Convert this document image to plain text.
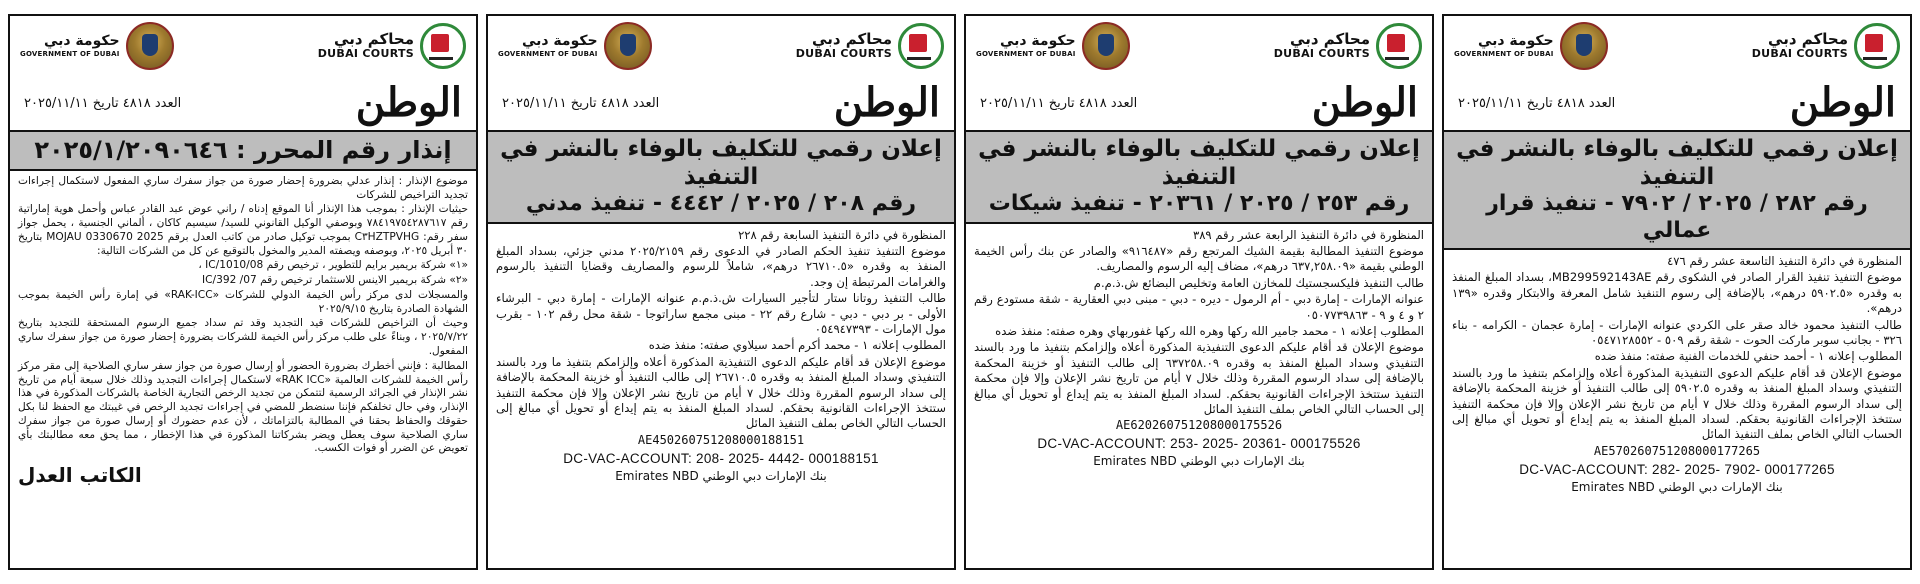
حكومة دبي
GOVERNMENT OF DUBAI
محاكم دبي
DUBAI COURTS
الوطن
العدد ٤٨١٨ تاريخ ٢٠٢٥/١١/١١
إعلان رقمي للتكليف بالوفاء بالنشر في التنفيذ
رقم ٢٨٢ / ٢٠٢٥ / ٧٩٠٢ - تنفيذ قرار عمالي

المنظورة في دائرة التنفيذ التاسعة عشر رقم ٤٧٦

موضوع التنفيذ تنفيذ القرار الصادر في الشكوى رقم MB299592143AE، بسداد المبلغ المنفذ به وقدره «٥٩٠٢.٥ درهم»، بالإضافة إلى رسوم التنفيذ شامل المعرفة والابتكار وقدره «١٣٩ درهم».

طالب التنفيذ محمود خالد صقر على الكردي عنوانه الإمارات - إمارة عجمان - الكرامه - بناء ٣٢٦ - بجانب سوبر ماركت الحوت - شقة رقم ٥٠٩ - ٠٥٤٧١٢٨٥٥٢

المطلوب إعلانه ١ - أحمد حنفي للخدمات الفنية صفته: منفذ ضده

موضوع الإعلان قد أقام عليكم الدعوى التنفيذية المذكورة أعلاه وإلزامكم بتنفيذ ما ورد بالسند التنفيذي وسداد المبلغ المنفذ به وقدره ٥٩٠٢.٥ إلى طالب التنفيذ أو خزينة المحكمة بالإضافة إلى سداد الرسوم المقررة وذلك خلال ٧ أيام من تاريخ نشر الإعلان وإلا فإن محكمة التنفيذ ستتخذ الإجراءات القانونية بحقكم. لسداد المبلغ المنفذ به يتم إيداع أو تحويل أي مبالغ إلى الحساب التالي الخاص بملف التنفيذ المائل

AE570260751208000177265

DC-VAC-ACCOUNT: 282- 2025- 7902- 000177265

بنك الإمارات دبي الوطني Emirates NBD

حكومة دبي
GOVERNMENT OF DUBAI
محاكم دبي
DUBAI COURTS
الوطن
العدد ٤٨١٨ تاريخ ٢٠٢٥/١١/١١
إعلان رقمي للتكليف بالوفاء بالنشر في التنفيذ
رقم ٢٥٣ / ٢٠٢٥ / ٢٠٣٦١ - تنفيذ شيكات

المنظورة في دائرة التنفيذ الرابعة عشر رقم ٣٨٩

موضوع التنفيذ المطالبة بقيمة الشيك المرتجع رقم «٩١٦٤٨٧» والصادر عن بنك رأس الخيمة الوطني بقيمة «٦٣٧,٢٥٨.٠٩ درهم»، مضاف إليه الرسوم والمصاريف.

طالب التنفيذ فليكسجستيك للمخازن العامة وتخليص البضائع ش.ذ.م.م

عنوانه الإمارات - إمارة دبي - أم الرمول - ديره - دبي - مبنى دبي العقارية - شقة مستودع رقم ٢ و ٤ و ٩ - ٠٥٠٧٧٣٩٨٦٣

المطلوب إعلانه ١ - محمد جامير الله ركها وهره الله ركها غفوربهاي وهره صفته: منفذ ضده

موضوع الإعلان قد أقام عليكم الدعوى التنفيذية المذكورة أعلاه وإلزامكم بتنفيذ ما ورد بالسند التنفيذي وسداد المبلغ المنفذ به وقدره ٦٣٧٢٥٨.٠٩ إلى طالب التنفيذ أو خزينة المحكمة بالإضافة إلى سداد الرسوم المقررة وذلك خلال ٧ أيام من تاريخ نشر الإعلان وإلا فإن محكمة التنفيذ ستتخذ الإجراءات القانونية بحقكم. لسداد المبلغ المنفذ به يتم إيداع أو تحويل أي مبالغ إلى الحساب التالي الخاص بملف التنفيذ المائل

AE620260751208000175526

DC-VAC-ACCOUNT: 253- 2025- 20361- 000175526

بنك الإمارات دبي الوطني Emirates NBD

حكومة دبي
GOVERNMENT OF DUBAI
محاكم دبي
DUBAI COURTS
الوطن
العدد ٤٨١٨ تاريخ ٢٠٢٥/١١/١١
إعلان رقمي للتكليف بالوفاء بالنشر في التنفيذ
رقم ٢٠٨ / ٢٠٢٥ / ٤٤٤٢ - تنفيذ مدني

المنظورة في دائرة التنفيذ السابعة رقم ٢٢٨

موضوع التنفيذ تنفيذ الحكم الصادر في الدعوى رقم ٢٠٢٥/٢١٥٩ مدني جزئي، بسداد المبلغ المنفذ به وقدره «٢٦٧١٠.٥ درهم»، شاملاً للرسوم والمصاريف وقضايا التنفيذ بالرسوم والغرامات المرتبطة إن وجد.

طالب التنفيذ روتانا ستار لتأجير السيارات ش.ذ.م.م عنوانه الإمارات - إمارة دبي - البرشاء الأولى - بر دبي - دبي - شارع رقم ٢٢ - مبنى مجمع ساراتوجا - شقة محل رقم ١٠٢ - بقرب مول الإمارات - ٠٥٤٩٤٧٣٩٣

المطلوب إعلانه ١ - محمد أكرم أحمد سيلاوي صفته: منفذ ضده

موضوع الإعلان قد أقام عليكم الدعوى التنفيذية المذكورة أعلاه وإلزامكم بتنفيذ ما ورد بالسند التنفيذي وسداد المبلغ المنفذ به وقدره ٢٦٧١٠.٥ إلى طالب التنفيذ أو خزينة المحكمة بالإضافة إلى سداد الرسوم المقررة وذلك خلال ٧ أيام من تاريخ نشر الإعلان وإلا فإن محكمة التنفيذ ستتخذ الإجراءات القانونية بحقكم. لسداد المبلغ المنفذ به يتم إيداع أو تحويل أي مبالغ إلى الحساب التالي الخاص بملف التنفيذ المائل

AE450260751208000188151

DC-VAC-ACCOUNT: 208- 2025- 4442- 000188151

بنك الإمارات دبي الوطني Emirates NBD

حكومة دبي
GOVERNMENT OF DUBAI
محاكم دبي
DUBAI COURTS
الوطن
العدد ٤٨١٨ تاريخ ٢٠٢٥/١١/١١
إنذار رقم المحرر : ٢٠٢٥/١/٢٠٩٠٦٤٦

موضوع الإنذار : إنذار عدلي بضرورة إحضار صورة من جواز سفرك ساري المفعول لاستكمال إجراءات تجديد التراخيص للشركات

حيثيات الإنذار : بموجب هذا الإنذار أنا الموقع إدناه / راني عوض عبد القادر عباس وأحمل هوية إماراتية رقم ٧٨٤١٩٧٥٤٢٨٧٦١٧ وبوصفي الوكيل القانوني للسيد/ سيسيم كاكان ، ألماني الجنسية ، يحمل جواز سفر رقم: C٣HZTPVHG بموجب توكيل صادر من كاتب العدل برقم MOJAU 0330670 2025 بتاريخ ٣٠ أبريل ٢٠٢٥، وبوصفه ويصفته المدير والمخول بالتوقيع عن كل من الشركات التالية:

«١» شركة بريمير برايم للتطوير ، ترخيص رقم IC/1010/08 ،

«٢» شركة بريمير الاينس للاستثمار ترخيص رقم IC/392 /07

والمسجلات لدى مركز رأس الخيمة الدولي للشركات «RAK-ICC» في إمارة رأس الخيمة بموجب الشهادة الصادرة بتاريخ ٢٠٢٥/٩/١٥

وحيث أن التراخيص للشركات قيد التجديد وقد تم سداد جميع الرسوم المستحقة للتجديد بتاريخ ٢٠٢٥/٧/٢٢ ، وبناءً على طلب مركز رأس الخيمة للشركات بضرورة إحضار صورة من جواز سفرك ساري المفعول.

المطالبة : فإنني أخطرك بضرورة الحضور أو إرسال صورة من جواز سفر ساري الصلاحية إلى مقر مركز رأس الخيمة للشركات العالمية «RAK ICC» لاستكمال إجراءات التجديد وذلك خلال سبعة أيام من تاريخ نشر الإنذار في الجرائد الرسمية لتتمكن من تجديد الرخص التجارية الخاصة بالشركات المذكورة في هذا الإنذار، وفي حال تخلفكم فإننا سنضطر للمضي في إجراءات تجديد الرخص في غيبتك مع الحفظ لنا بكل حقوقك والحفاظ بحقنا في المطالبة بالتزاماتك ، لأن عدم حضورك أو إرسال صورة من جواز سفرك ساري الصلاحية سوف يعطل ويضر بشركاتنا المذكورة في هذا الإخطار ، مما يحق معه مطالبتك بأي تعويض عن الضرر أو فوات الكسب.

الكاتب العدل
